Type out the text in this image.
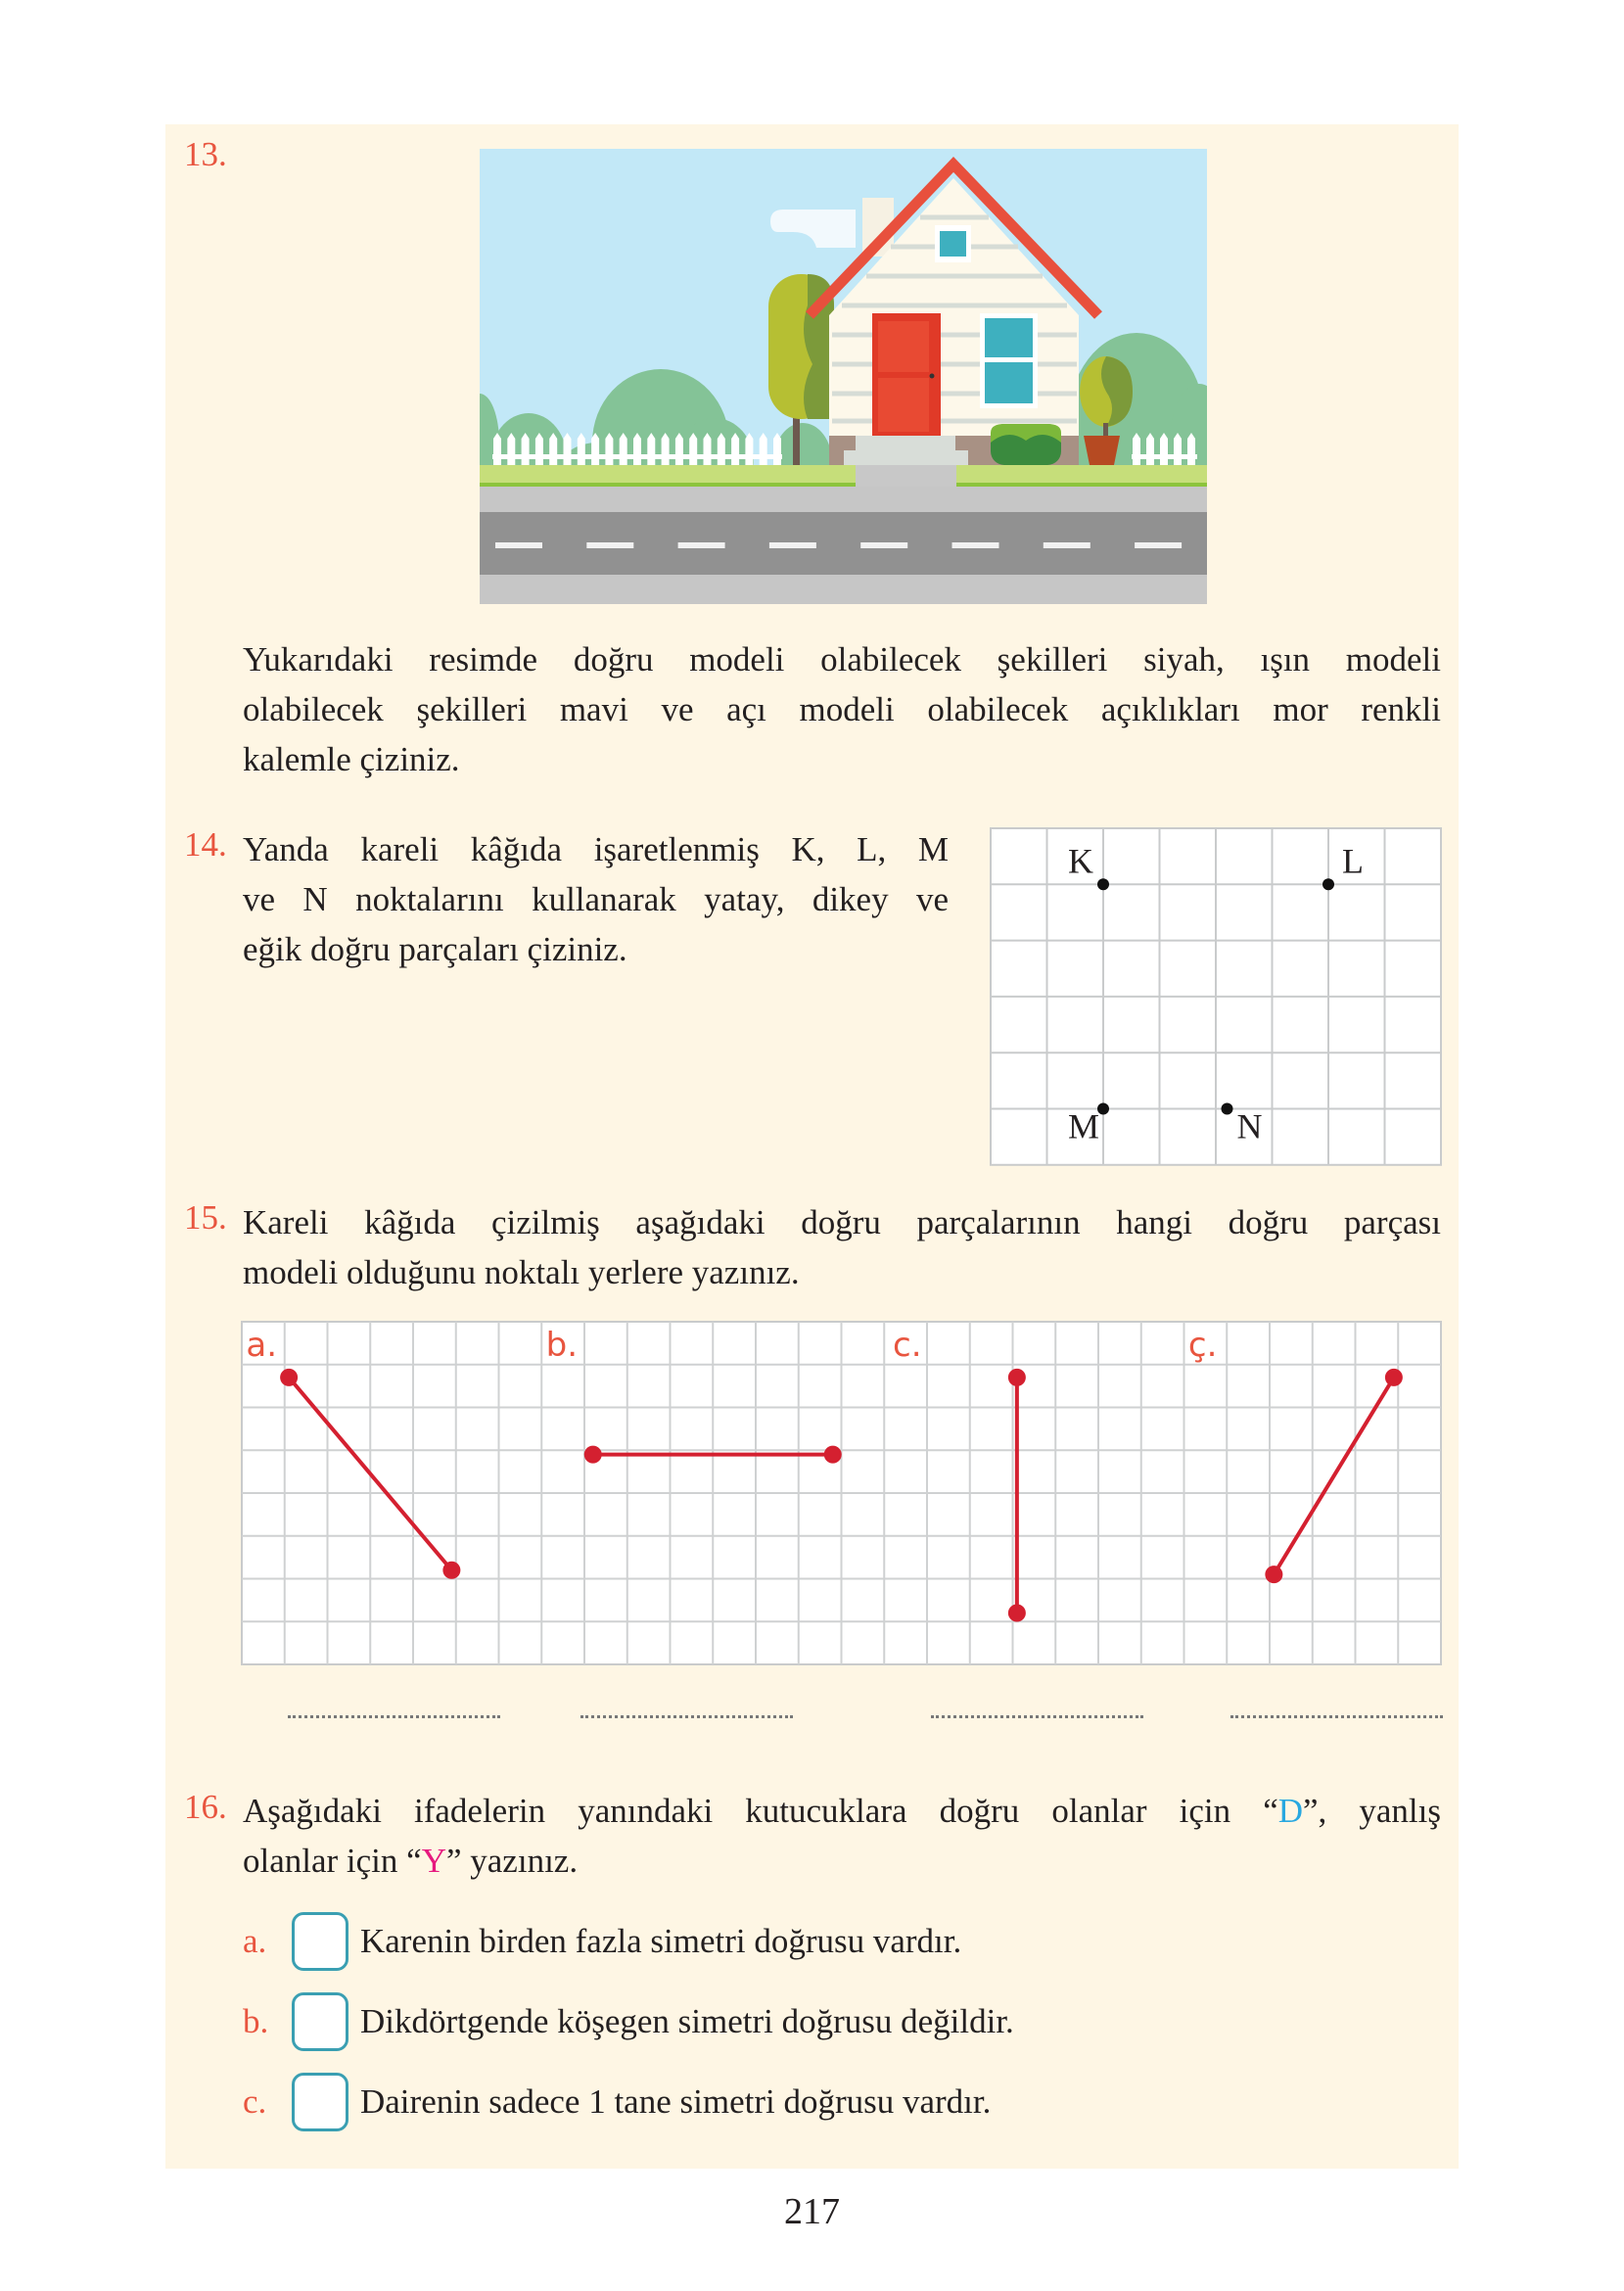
13.
Yukarıdaki resimde doğru modeli olabilecek şekilleri siyah, ışın modeli
olabilecek şekilleri mavi ve açı modeli olabilecek açıklıkları mor renkli
kalemle çiziniz.
14. Yanda kareli kâğıda işaretlenmiş K, L, M
ve N noktalarını kullanarak yatay, dikey ve
eğik doğru parçaları çiziniz.
K	L
M	N
15. Kareli kâğıda çizilmiş aşağıdaki doğru parçalarının hangi doğru parçası
modeli olduğunu noktalı yerlere yazınız.
a.	b.	c.	ç.
16. Aşağıdaki ifadelerin yanındaki kutucuklara doğru olanlar için “D”, yanlış
olanlar için “Y” yazınız.
a.	Karenin birden fazla simetri doğrusu vardır.
b.	Dikdörtgende köşegen simetri doğrusu değildir.
c.	Dairenin sadece 1 tane simetri doğrusu vardır.
217
